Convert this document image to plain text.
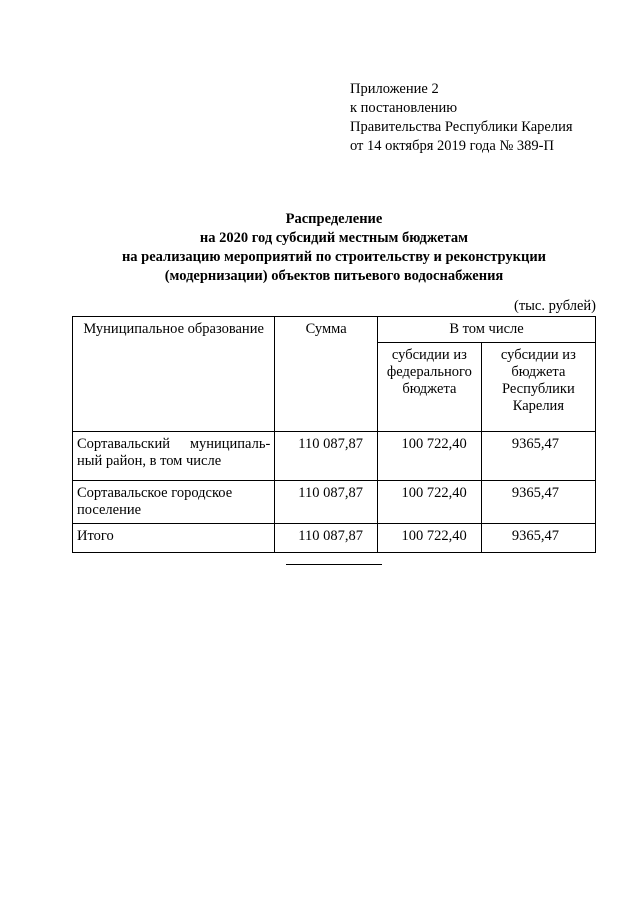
Приложение 2
к постановлению
Правительства Республики Карелия
от 14 октября 2019 года № 389-П
Распределение
на 2020 год субсидий местным бюджетам
на реализацию мероприятий по строительству и реконструкции
(модернизации) объектов питьевого водоснабжения
(тыс. рублей)
Муниципальное образование	Сумма	В том числе	
		субсидии из федерального бюджета	субсидии из бюджета Республики Карелия
Сортавальский муниципаль-ный район, в том числе	110 087,87	100 722,40	9365,47
Сортавальское городское поселение	110 087,87	100 722,40	9365,47
Итого	110 087,87	100 722,40	9365,47
